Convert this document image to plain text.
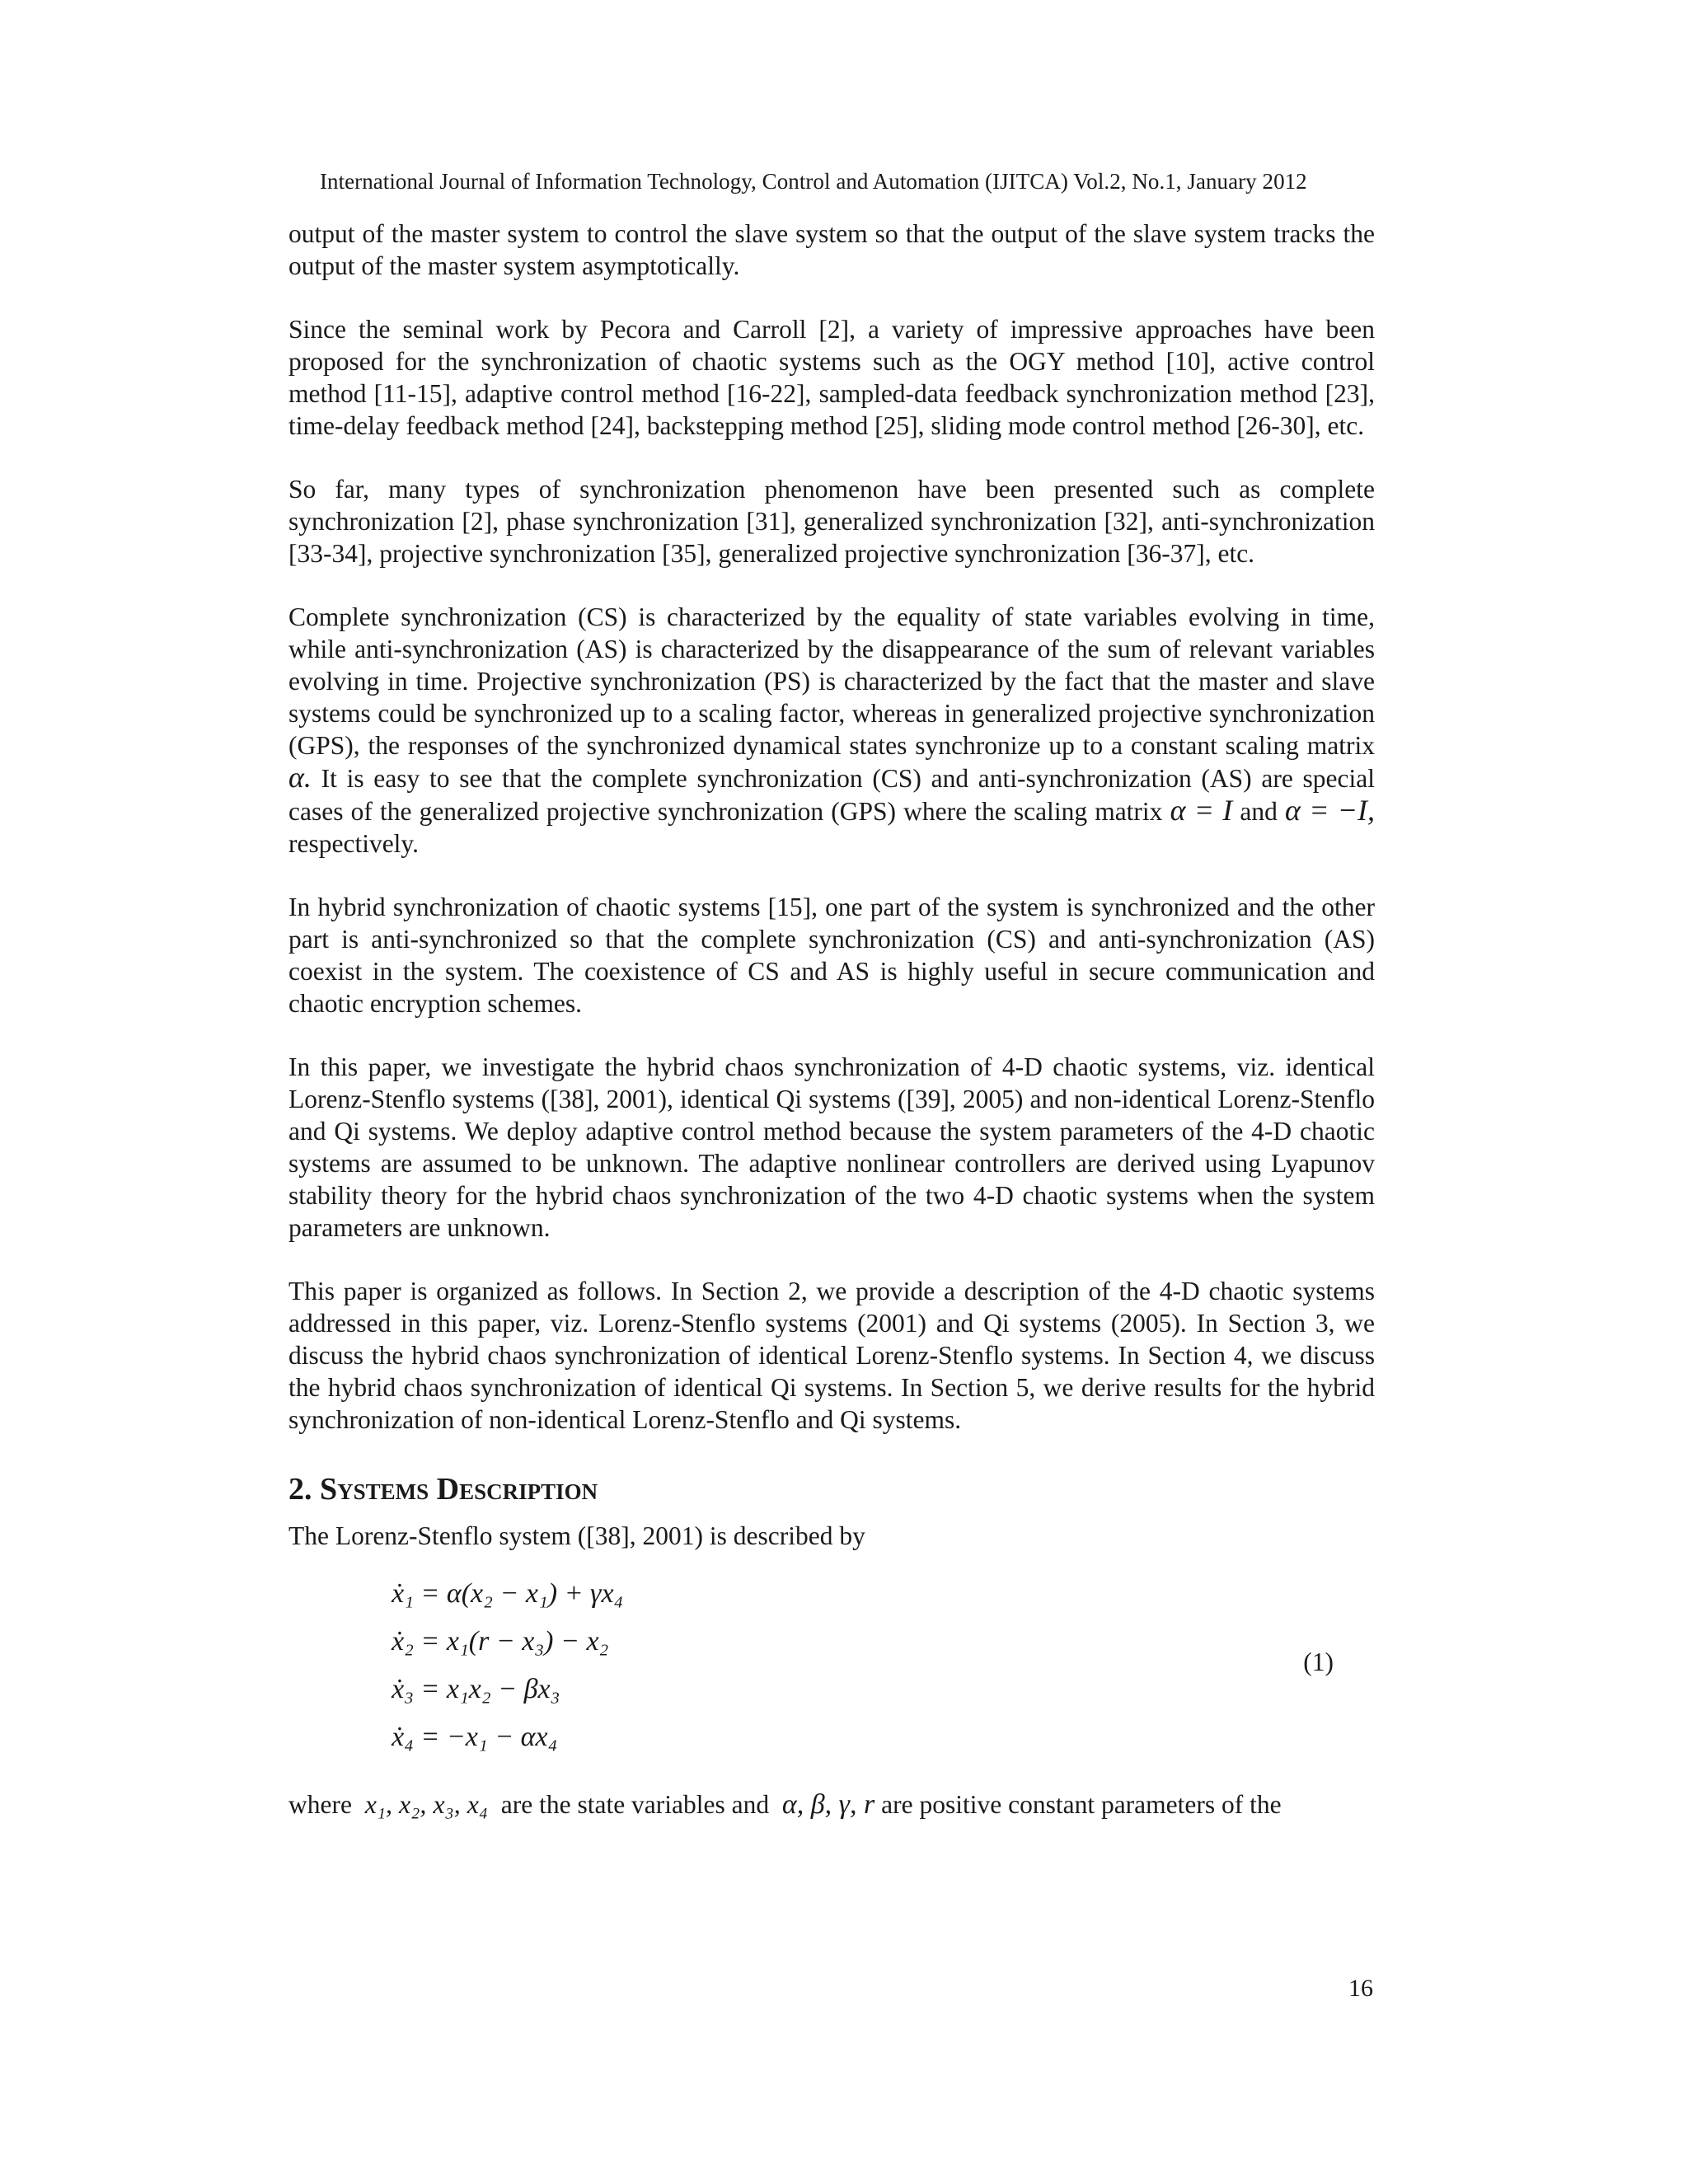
International Journal of Information Technology, Control and Automation (IJITCA) Vol.2, No.1, January 2012

output of the master system to control the slave system so that the output of the slave system tracks the output of the master system asymptotically.

Since the seminal work by Pecora and Carroll [2], a variety of impressive approaches have been proposed for the synchronization of chaotic systems such as the OGY method [10], active control method [11-15], adaptive control method [16-22], sampled-data feedback synchronization method [23], time-delay feedback method [24], backstepping method [25], sliding mode control method [26-30], etc.

So far, many types of synchronization phenomenon have been presented such as complete synchronization [2], phase synchronization [31], generalized synchronization [32], anti-synchronization [33-34], projective synchronization [35], generalized projective synchronization [36-37], etc.

Complete synchronization (CS) is characterized by the equality of state variables evolving in time, while anti-synchronization (AS) is characterized by the disappearance of the sum of relevant variables evolving in time. Projective synchronization (PS) is characterized by the fact that the master and slave systems could be synchronized up to a scaling factor, whereas in generalized projective synchronization (GPS), the responses of the synchronized dynamical states synchronize up to a constant scaling matrix α. It is easy to see that the complete synchronization (CS) and anti-synchronization (AS) are special cases of the generalized projective synchronization (GPS) where the scaling matrix α = I and α = −I, respectively.

In hybrid synchronization of chaotic systems [15], one part of the system is synchronized and the other part is anti-synchronized so that the complete synchronization (CS) and anti-synchronization (AS) coexist in the system. The coexistence of CS and AS is highly useful in secure communication and chaotic encryption schemes.

In this paper, we investigate the hybrid chaos synchronization of 4-D chaotic systems, viz. identical Lorenz-Stenflo systems ([38], 2001), identical Qi systems ([39], 2005) and non-identical Lorenz-Stenflo and Qi systems. We deploy adaptive control method because the system parameters of the 4-D chaotic systems are assumed to be unknown. The adaptive nonlinear controllers are derived using Lyapunov stability theory for the hybrid chaos synchronization of the two 4-D chaotic systems when the system parameters are unknown.

This paper is organized as follows. In Section 2, we provide a description of the 4-D chaotic systems addressed in this paper, viz. Lorenz-Stenflo systems (2001) and Qi systems (2005). In Section 3, we discuss the hybrid chaos synchronization of identical Lorenz-Stenflo systems. In Section 4, we discuss the hybrid chaos synchronization of identical Qi systems. In Section 5, we derive results for the hybrid synchronization of non-identical Lorenz-Stenflo and Qi systems.

2. Systems Description
The Lorenz-Stenflo system ([38], 2001) is described by
ẋ₁ = α(x₂ − x₁) + γx₄
ẋ₂ = x₁(r − x₃) − x₂
ẋ₃ = x₁x₂ − βx₃
ẋ₄ = −x₁ − αx₄
(1)
where x₁, x₂, x₃, x₄ are the state variables and α, β, γ, r are positive constant parameters of the
16
